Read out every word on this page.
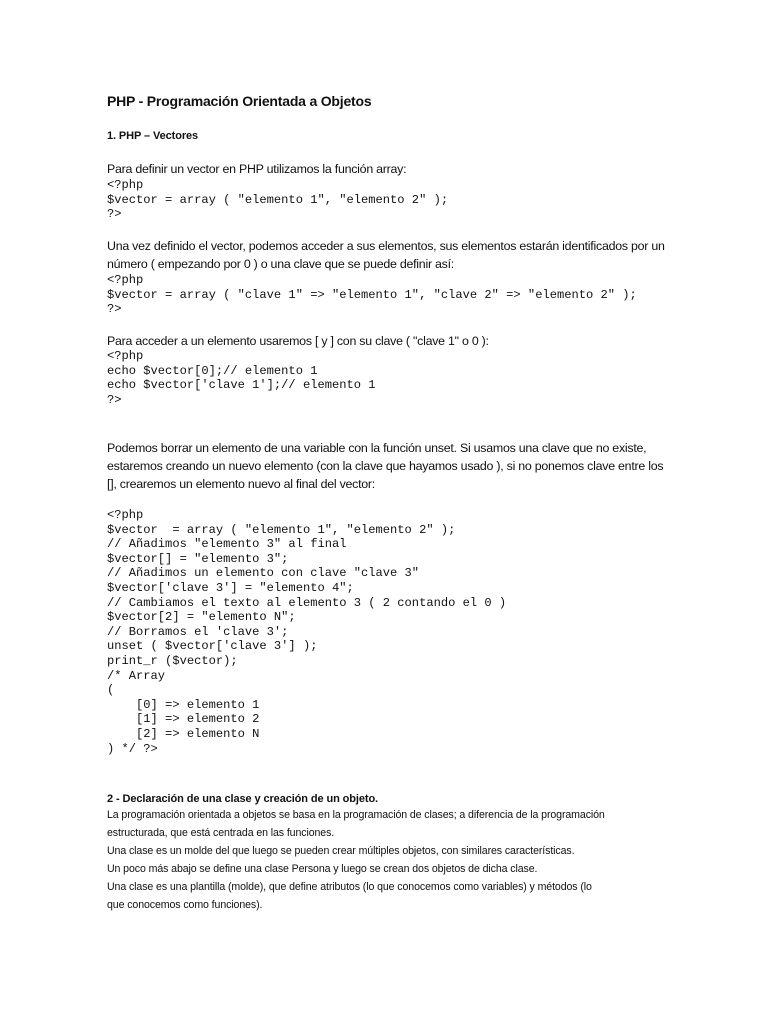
PHP - Programación Orientada a Objetos
1. PHP – Vectores

Para definir un vector en PHP utilizamos la función array:

<?php
$vector = array ( "elemento 1", "elemento 2" );
?>

Una vez definido el vector, podemos acceder a sus elementos, sus elementos estarán identificados por un número ( empezando por 0 ) o una clave que se puede definir así:

<?php
$vector = array ( "clave 1" => "elemento 1", "clave 2" => "elemento 2" );
?>

Para acceder a un elemento usaremos [ y ] con su clave ( "clave 1" o 0 ):

<?php
echo $vector[0];// elemento 1
echo $vector['clave 1'];// elemento 1
?>

Podemos borrar un elemento de una variable con la función unset. Si usamos una clave que no existe, estaremos creando un nuevo elemento (con la clave que hayamos usado ), si no ponemos clave entre los [], crearemos un elemento nuevo al final del vector:

<?php
$vector  = array ( "elemento 1", "elemento 2" );
// Añadimos "elemento 3" al final
$vector[] = "elemento 3";
// Añadimos un elemento con clave "clave 3"
$vector['clave 3'] = "elemento 4";
// Cambiamos el texto al elemento 3 ( 2 contando el 0 )
$vector[2] = "elemento N";
// Borramos el 'clave 3';
unset ( $vector['clave 3'] );
print_r ($vector);
/* Array
(
[0] => elemento 1
[1] => elemento 2
[2] => elemento N
) */ ?>
2 - Declaración de una clase y creación de un objeto.
La programación orientada a objetos se basa en la programación de clases; a diferencia de la programación
estructurada, que está centrada en las funciones.
Una clase es un molde del que luego se pueden crear múltiples objetos, con similares características.
Un poco más abajo se define una clase Persona y luego se crean dos objetos de dicha clase.
Una clase es una plantilla (molde), que define atributos (lo que conocemos como variables) y métodos (lo
que conocemos como funciones).
